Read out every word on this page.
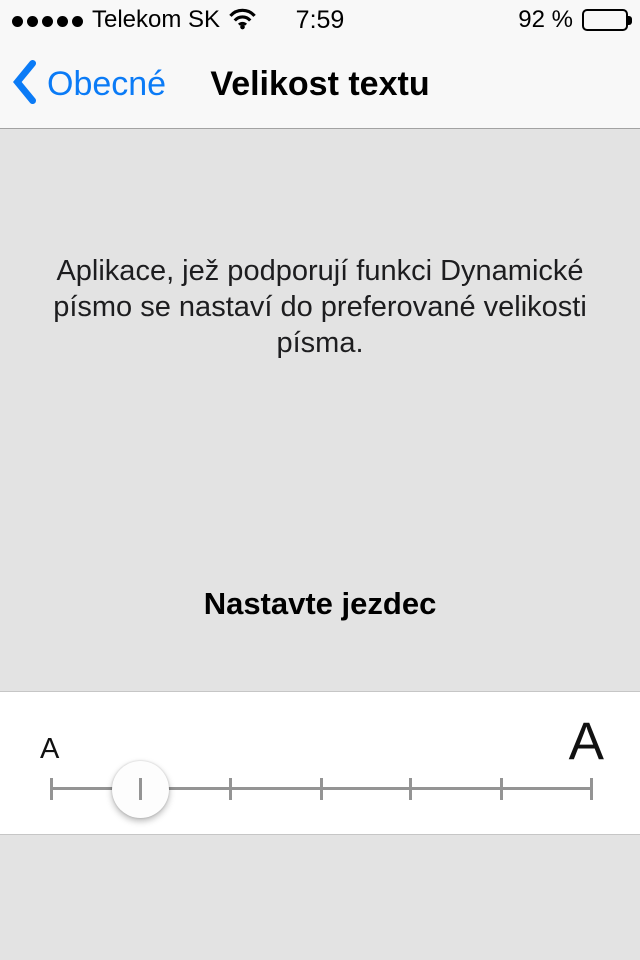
Telekom SK	7:59	92 %
Obecné	Velikost textu
Aplikace, jež podporují funkci Dynamické
písmo se nastaví do preferované velikosti
písma.
Nastavte jezdec
A	A
